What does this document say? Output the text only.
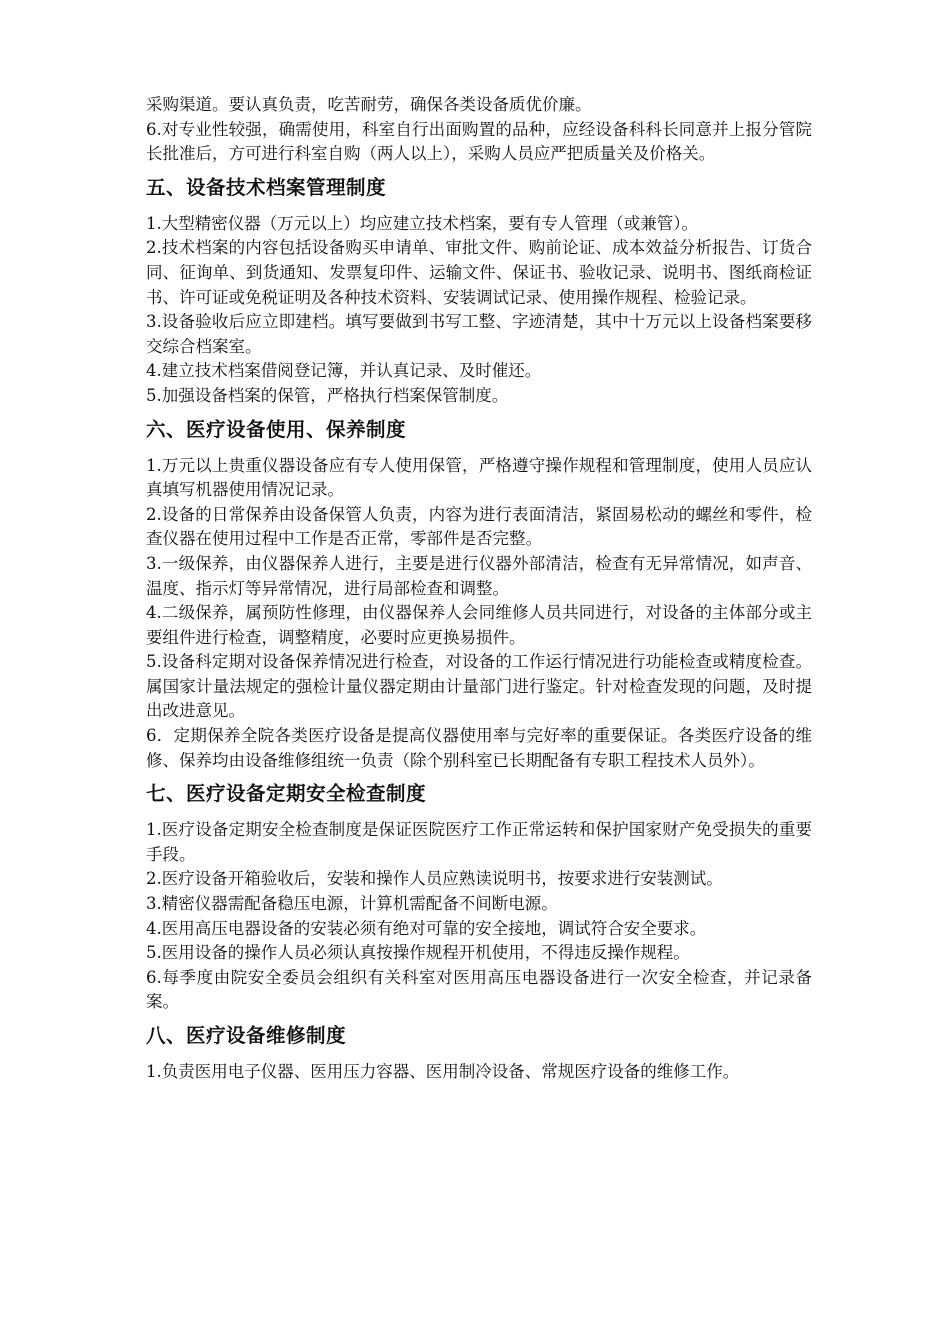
采购渠道。要认真负责，吃苦耐劳，确保各类设备质优价廉。

6.对专业性较强，确需使用，科室自行出面购置的品种，应经设备科科长同意并上报分管院长批准后，方可进行科室自购（两人以上），采购人员应严把质量关及价格关。

五、设备技术档案管理制度

1.大型精密仪器（万元以上）均应建立技术档案，要有专人管理（或兼管）。

2.技术档案的内容包括设备购买申请单、审批文件、购前论证、成本效益分析报告、订货合同、征询单、到货通知、发票复印件、运输文件、保证书、验收记录、说明书、图纸商检证书、许可证或免税证明及各种技术资料、安装调试记录、使用操作规程、检验记录。

3.设备验收后应立即建档。填写要做到书写工整、字迹清楚，其中十万元以上设备档案要移交综合档案室。

4.建立技术档案借阅登记簿，并认真记录、及时催还。

5.加强设备档案的保管，严格执行档案保管制度。

六、医疗设备使用、保养制度

1.万元以上贵重仪器设备应有专人使用保管，严格遵守操作规程和管理制度，使用人员应认真填写机器使用情况记录。

2.设备的日常保养由设备保管人负责，内容为进行表面清洁，紧固易松动的螺丝和零件，检查仪器在使用过程中工作是否正常，零部件是否完整。

3.一级保养，由仪器保养人进行，主要是进行仪器外部清洁，检查有无异常情况，如声音、温度、指示灯等异常情况，进行局部检查和调整。

4.二级保养，属预防性修理，由仪器保养人会同维修人员共同进行，对设备的主体部分或主要组件进行检查，调整精度，必要时应更换易损件。

5.设备科定期对设备保养情况进行检查，对设备的工作运行情况进行功能检查或精度检查。属国家计量法规定的强检计量仪器定期由计量部门进行鉴定。针对检查发现的问题，及时提出改进意见。

6．定期保养全院各类医疗设备是提高仪器使用率与完好率的重要保证。各类医疗设备的维修、保养均由设备维修组统一负责（除个别科室已长期配备有专职工程技术人员外）。

七、医疗设备定期安全检查制度

1.医疗设备定期安全检查制度是保证医院医疗工作正常运转和保护国家财产免受损失的重要手段。

2.医疗设备开箱验收后，安装和操作人员应熟读说明书，按要求进行安装测试。

3.精密仪器需配备稳压电源，计算机需配备不间断电源。

4.医用高压电器设备的安装必须有绝对可靠的安全接地，调试符合安全要求。

5.医用设备的操作人员必须认真按操作规程开机使用，不得违反操作规程。

6.每季度由院安全委员会组织有关科室对医用高压电器设备进行一次安全检查，并记录备案。

八、医疗设备维修制度

1.负责医用电子仪器、医用压力容器、医用制冷设备、常规医疗设备的维修工作。
